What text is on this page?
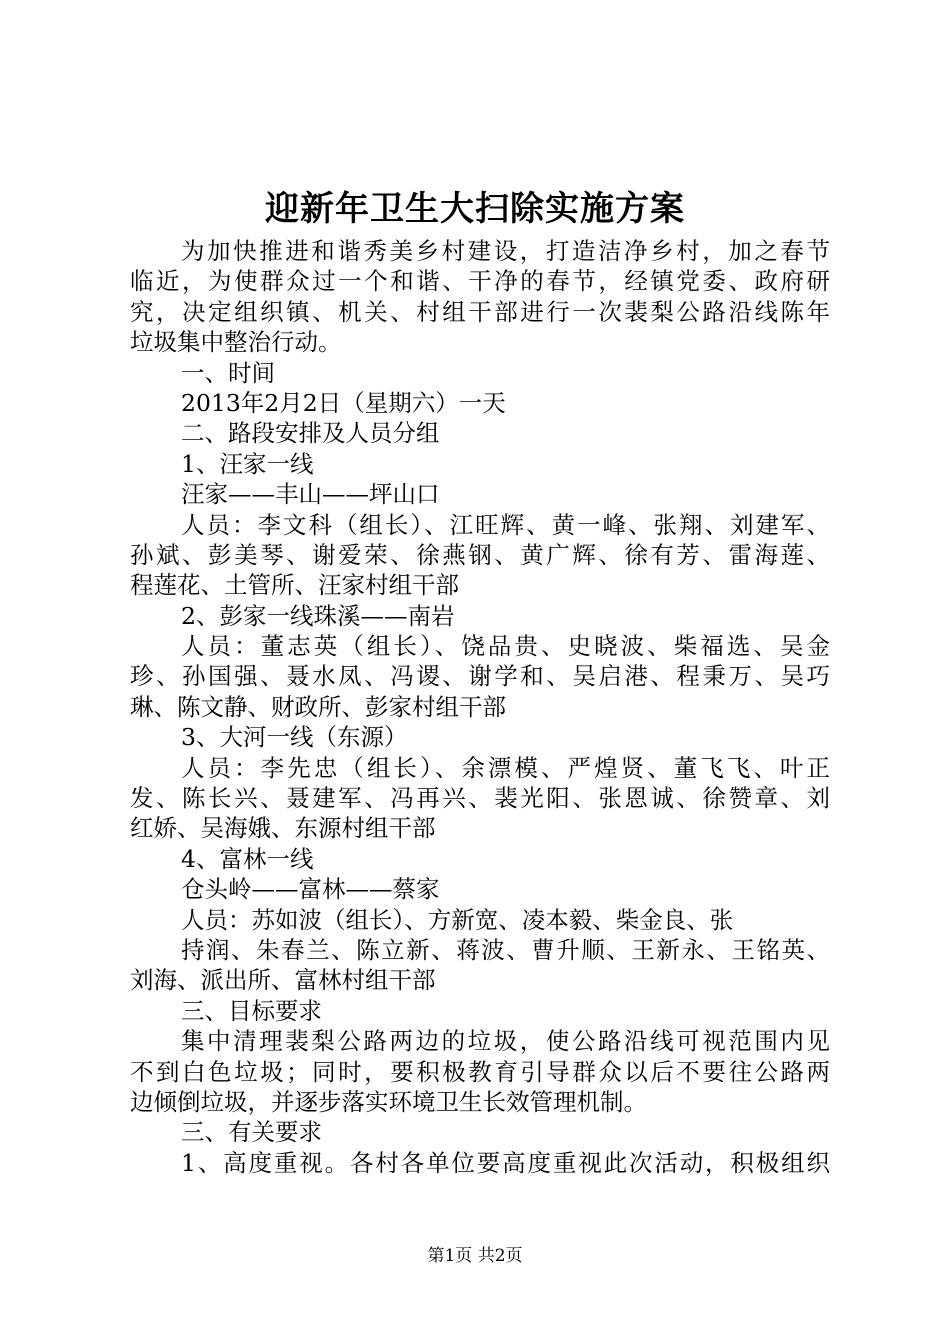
迎新年卫生大扫除实施方案
为加快推进和谐秀美乡村建设，打造洁净乡村，加之春节
临近，为使群众过一个和谐、干净的春节，经镇党委、政府研
究，决定组织镇、机关、村组干部进行一次裴梨公路沿线陈年
垃圾集中整治行动。
一、时间
2013年2月2日（星期六）一天
二、路段安排及人员分组
1、汪家一线
汪家——丰山——坪山口
人员：李文科（组长）、江旺辉、黄一峰、张翔、刘建军、
孙斌、彭美琴、谢爱荣、徐燕钢、黄广辉、徐有芳、雷海莲、
程莲花、土管所、汪家村组干部
2、彭家一线珠溪——南岩
人员：董志英（组长）、饶品贵、史晓波、柴福选、吴金
珍、孙国强、聂水凤、冯谡、谢学和、吴启港、程秉万、吴巧
琳、陈文静、财政所、彭家村组干部
3、大河一线（东源）
人员：李先忠（组长）、余漂模、严煌贤、董飞飞、叶正
发、陈长兴、聂建军、冯再兴、裴光阳、张恩诚、徐赞章、刘
红娇、吴海娥、东源村组干部
4、富林一线
仓头岭——富林——蔡家
人员：苏如波（组长）、方新宽、凌本毅、柴金良、张
持润、朱春兰、陈立新、蒋波、曹升顺、王新永、王铭英、
刘海、派出所、富林村组干部
三、目标要求
集中清理裴梨公路两边的垃圾，使公路沿线可视范围内见
不到白色垃圾；同时，要积极教育引导群众以后不要往公路两
边倾倒垃圾，并逐步落实环境卫生长效管理机制。
三、有关要求
1、高度重视。各村各单位要高度重视此次活动，积极组织
第1页 共2页
